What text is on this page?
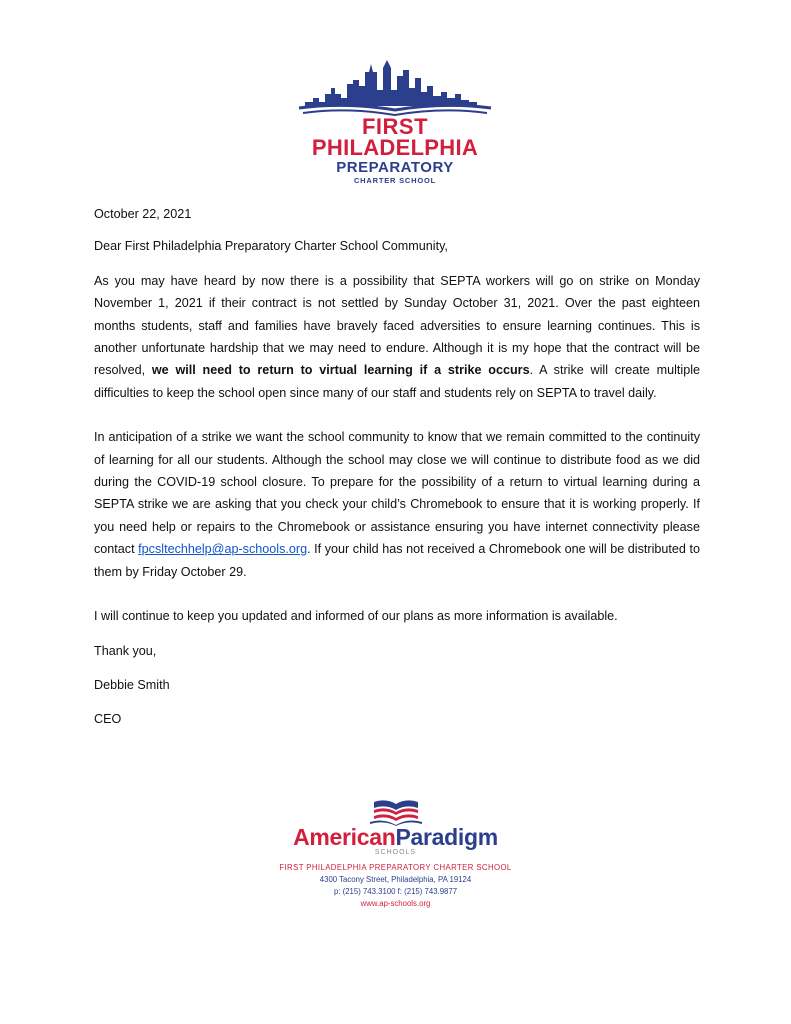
FIRST
PHILADELPHIA
PREPARATORY
CHARTER SCHOOL

October 22, 2021

Dear First Philadelphia Preparatory Charter School Community,

As you may have heard by now there is a possibility that SEPTA workers will go on strike on Monday November 1, 2021 if their contract is not settled by Sunday October 31, 2021. Over the past eighteen months students, staff and families have bravely faced adversities to ensure learning continues. This is another unfortunate hardship that we may need to endure. Although it is my hope that the contract will be resolved, we will need to return to virtual learning if a strike occurs. A strike will create multiple difficulties to keep the school open since many of our staff and students rely on SEPTA to travel daily.

In anticipation of a strike we want the school community to know that we remain committed to the continuity of learning for all our students. Although the school may close we will continue to distribute food as we did during the COVID-19 school closure. To prepare for the possibility of a return to virtual learning during a SEPTA strike we are asking that you check your child’s Chromebook to ensure that it is working properly. If you need help or repairs to the Chromebook or assistance ensuring you have internet connectivity please contact fpcsltechhelp@ap-schools.org. If your child has not received a Chromebook one will be distributed to them by Friday October 29.

I will continue to keep you updated and informed of our plans as more information is available.

Thank you,

Debbie Smith

CEO

AmericanParadigm
SCHOOLS
FIRST PHILADELPHIA PREPARATORY CHARTER SCHOOL
4300 Tacony Street, Philadelphia, PA 19124
p: (215) 743.3100 f: (215) 743.9877
www.ap-schools.org
